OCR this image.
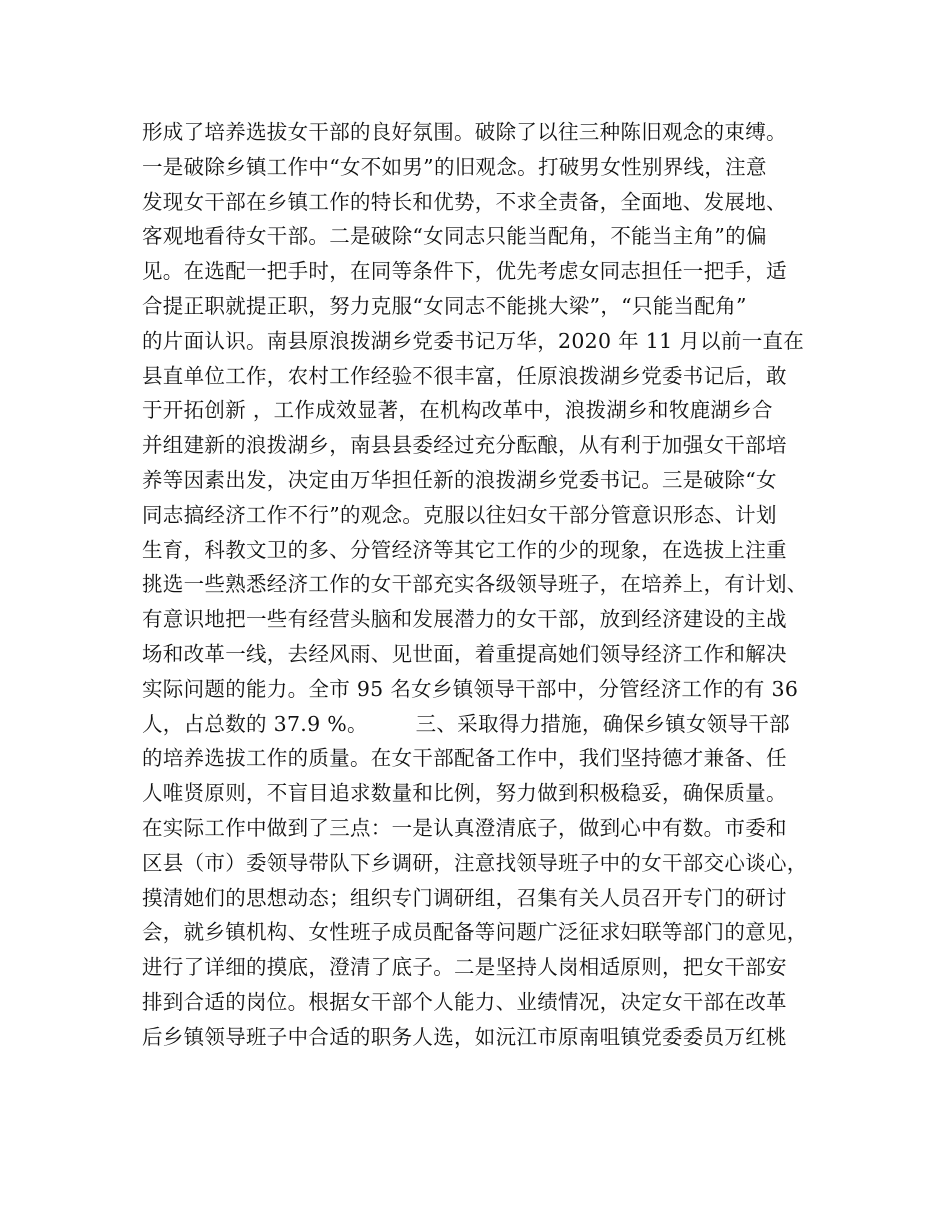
形成了培养选拔女干部的良好氛围。破除了以往三种陈旧观念的束缚。
一是破除乡镇工作中“女不如男”的旧观念。打破男女性别界线，注意
发现女干部在乡镇工作的特长和优势，不求全责备，全面地、发展地、
客观地看待女干部。二是破除“女同志只能当配角，不能当主角”的偏
见。在选配一把手时，在同等条件下，优先考虑女同志担任一把手，适
合提正职就提正职，努力克服“女同志不能挑大梁”，“只能当配角”
的片面认识。南县原浪拨湖乡党委书记万华，2020 年 11 月以前一直在
县直单位工作，农村工作经验不很丰富，任原浪拨湖乡党委书记后，敢
于开拓创新 ，工作成效显著，在机构改革中，浪拨湖乡和牧鹿湖乡合
并组建新的浪拨湖乡，南县县委经过充分酝酿，从有利于加强女干部培
养等因素出发，决定由万华担任新的浪拨湖乡党委书记。三是破除“女
同志搞经济工作不行”的观念。克服以往妇女干部分管意识形态、计划
生育，科教文卫的多、分管经济等其它工作的少的现象，在选拔上注重
挑选一些熟悉经济工作的女干部充实各级领导班子，在培养上，有计划、
有意识地把一些有经营头脑和发展潜力的女干部，放到经济建设的主战
场和改革一线，去经风雨、见世面，着重提高她们领导经济工作和解决
实际问题的能力。全市 95 名女乡镇领导干部中，分管经济工作的有 36
人，占总数的 37.9 %。       三、采取得力措施，确保乡镇女领导干部
的培养选拔工作的质量。在女干部配备工作中，我们坚持德才兼备、任
人唯贤原则，不盲目追求数量和比例，努力做到积极稳妥，确保质量。
在实际工作中做到了三点：一是认真澄清底子，做到心中有数。市委和
区县（市）委领导带队下乡调研，注意找领导班子中的女干部交心谈心，
摸清她们的思想动态；组织专门调研组，召集有关人员召开专门的研讨
会，就乡镇机构、女性班子成员配备等问题广泛征求妇联等部门的意见，
进行了详细的摸底，澄清了底子。二是坚持人岗相适原则，把女干部安
排到合适的岗位。根据女干部个人能力、业绩情况，决定女干部在改革
后乡镇领导班子中合适的职务人选，如沅江市原南咀镇党委委员万红桃
